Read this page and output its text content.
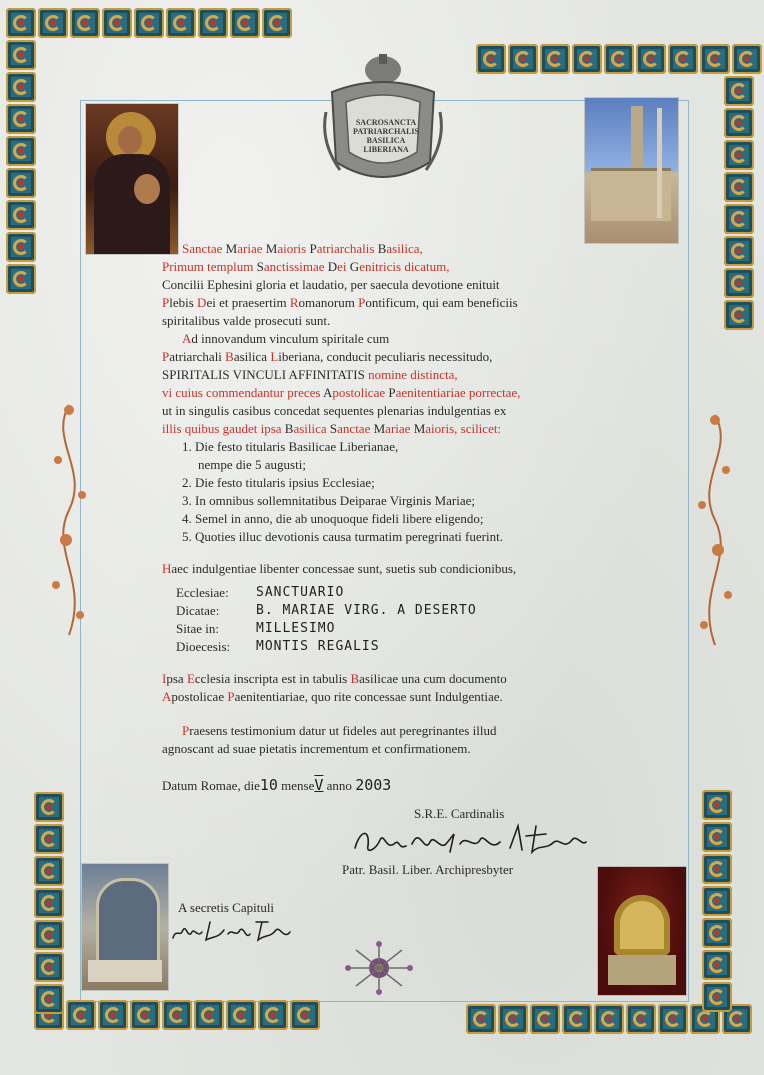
SACROSANCTA
PATRIARCHALIS BASILICA
LIBERIANA
Sanctae Mariae Maioris Patriarchalis Basilica,
Primum templum Sanctissimae Dei Genitricis dicatum,
Concilii Ephesini gloria et laudatio, per saecula devotione enituit
Plebis Dei et praesertim Romanorum Pontificum, qui eam beneficiis
spiritalibus valde prosecuti sunt.
Ad innovandum vinculum spiritale cum
Patriarchali Basilica Liberiana, conducit peculiaris necessitudo,
SPIRITALIS VINCULI AFFINITATIS nomine distincta,
vi cuius commendantur preces Apostolicae Paenitentiariae porrectae,
ut in singulis casibus concedat sequentes plenarias indulgentias ex
illis quibus gaudet ipsa Basilica Sanctae Mariae Maioris, scilicet:
1. Die festo titularis Basilicae Liberianae,
nempe die 5 augusti;
2. Die festo titularis ipsius Ecclesiae;
3. In omnibus sollemnitatibus Deiparae Virginis Mariae;
4. Semel in anno, die ab unoquoque fideli libere eligendo;
5. Quoties illuc devotionis causa turmatim peregrinati fuerint.
Haec indulgentiae libenter concessae sunt, suetis sub condicionibus,
Ecclesiae:	SANCTUARIO
Dicatae:	B. MARIAE VIRG. A DESERTO
Sitae in:	MILLESIMO
Dioecesis:	MONTIS REGALIS
Ipsa Ecclesia inscripta est in tabulis Basilicae una cum documento
Apostolicae Paenitentiariae, quo rite concessae sunt Indulgentiae.
Praesens testimonium datur ut fideles aut peregrinantes illud
agnoscant ad suae pietatis incrementum et confirmationem.
Datum Romae, die10 menseV anno 2003
S.R.E. Cardinalis
Patr. Basil. Liber. Archipresbyter
A secretis Capituli
